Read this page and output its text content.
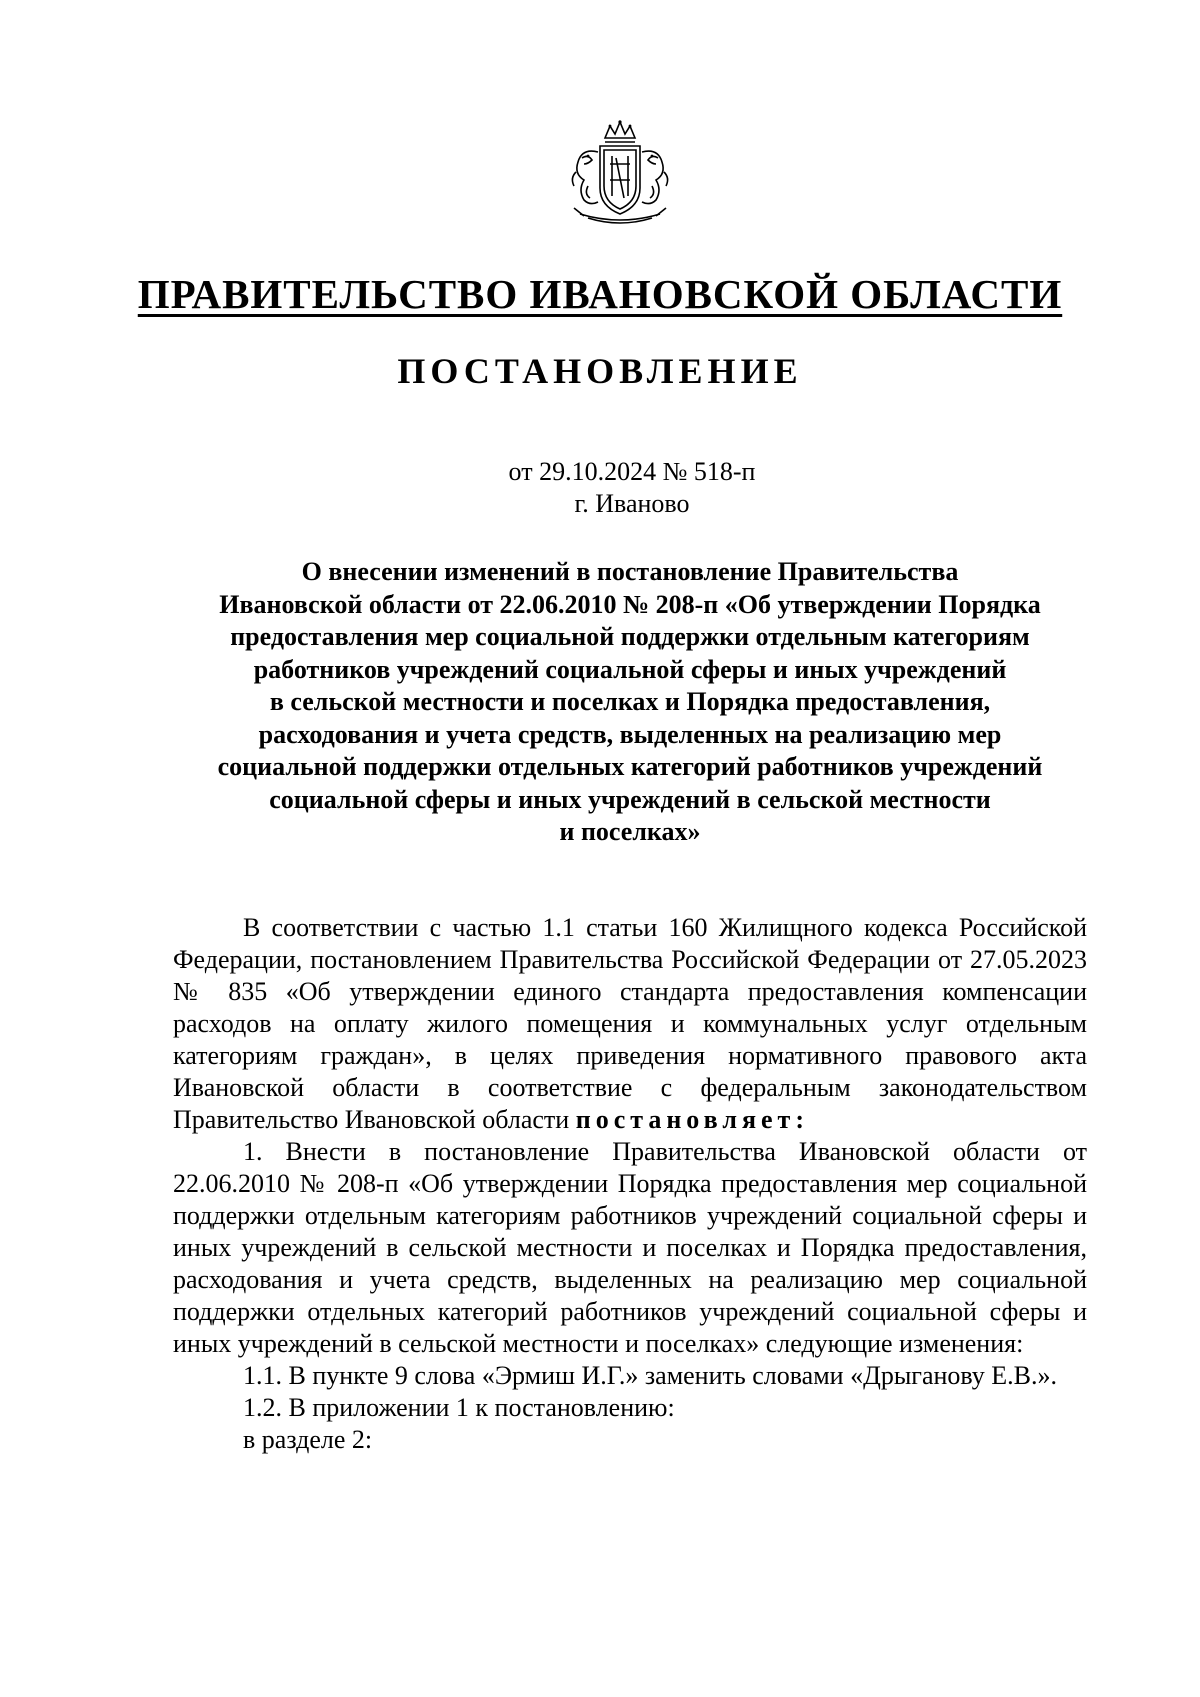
ПРАВИТЕЛЬСТВО ИВАНОВСКОЙ ОБЛАСТИ
ПОСТАНОВЛЕНИЕ
от 29.10.2024 № 518-п
г. Иваново
О внесении изменений в постановление Правительства
Ивановской области от 22.06.2010 № 208-п «Об утверждении Порядка
предоставления мер социальной поддержки отдельным категориям
работников учреждений социальной сферы и иных учреждений
в сельской местности и поселках и Порядка предоставления,
расходования и учета средств, выделенных на реализацию мер
социальной поддержки отдельных категорий работников учреждений
социальной сферы и иных учреждений в сельской местности
и поселках»

В соответствии с частью 1.1 статьи 160 Жилищного кодекса Российской Федерации, постановлением Правительства Российской Федерации от 27.05.2023 № 835 «Об утверждении единого стандарта предоставления компенсации расходов на оплату жилого помещения и коммунальных услуг отдельным категориям граждан», в целях приведения нормативного правового акта Ивановской области в соответствие с федеральным законодательством Правительство Ивановской области постановляет:

1. Внести в постановление Правительства Ивановской области от 22.06.2010 № 208-п «Об утверждении Порядка предоставления мер социальной поддержки отдельным категориям работников учреждений социальной сферы и иных учреждений в сельской местности и поселках и Порядка предоставления, расходования и учета средств, выделенных на реализацию мер социальной поддержки отдельных категорий работников учреждений социальной сферы и иных учреждений в сельской местности и поселках» следующие изменения:

1.1. В пункте 9 слова «Эрмиш И.Г.» заменить словами «Дрыганову Е.В.».

1.2. В приложении 1 к постановлению:

в разделе 2:
